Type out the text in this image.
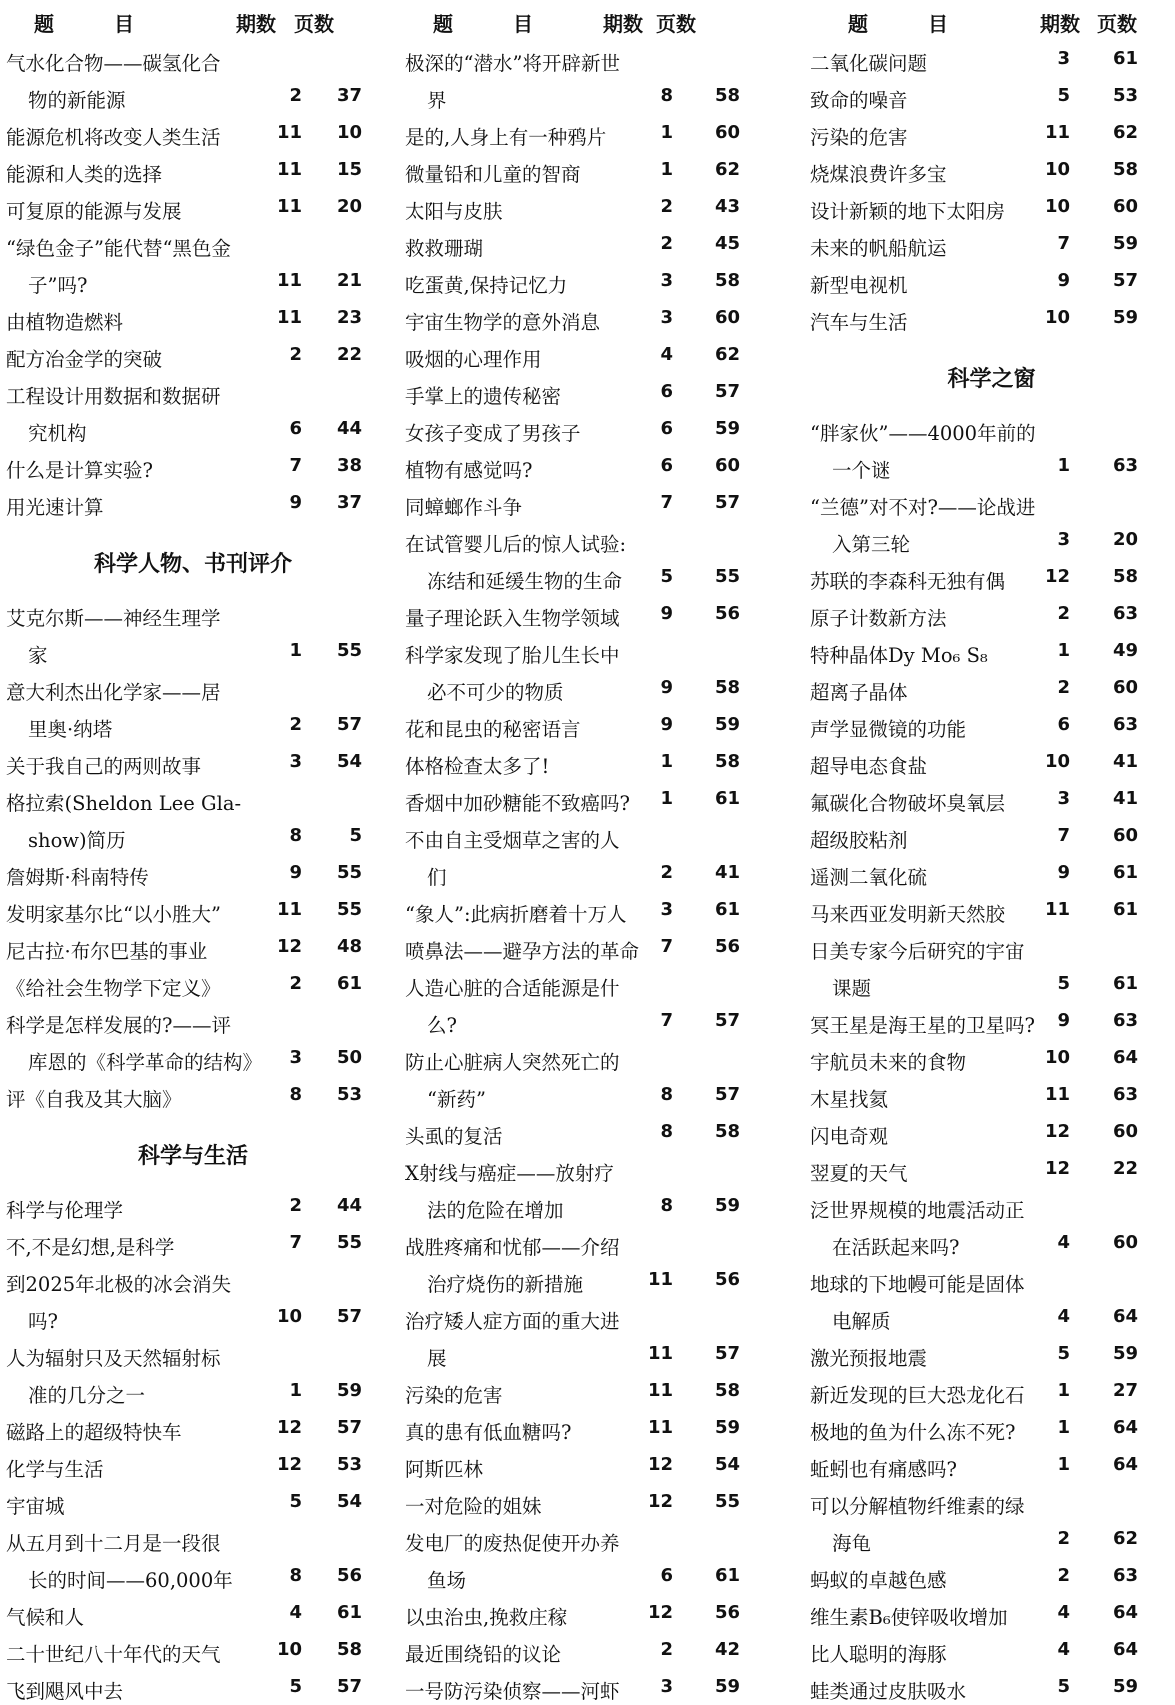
题　　　目	期数 页数
气水化合物——碳氢化合
物的新能源	2	37
能源危机将改变人类生活	11	10
能源和人类的选择	11	15
可复原的能源与发展	11	20
“绿色金子”能代替“黑色金
子”吗?	11	21
由植物造燃料	11	23
配方冶金学的突破	2	22
工程设计用数据和数据研
究机构	6	44
什么是计算实验?	7	38
用光速计算	9	37
科学人物、书刊评介
艾克尔斯——神经生理学
家	1	55
意大利杰出化学家——居
里奥·纳塔	2	57
关于我自己的两则故事	3	54
格拉索(Sheldon Lee Gla-
show)简历	8	5
詹姆斯·科南特传	9	55
发明家基尔比“以小胜大”	11	55
尼古拉·布尔巴基的事业	12	48
《给社会生物学下定义》	2	61
科学是怎样发展的?——评
库恩的《科学革命的结构》	3	50
评《自我及其大脑》	8	53
科学与生活
科学与伦理学	2	44
不,不是幻想,是科学	7	55
到2025年北极的冰会消失
吗?	10	57
人为辐射只及天然辐射标
准的几分之一	1	59
磁路上的超级特快车	12	57
化学与生活	12	53
宇宙城	5	54
从五月到十二月是一段很
长的时间——60,000年	8	56
气候和人	4	61
二十世纪八十年代的天气	10	58
飞到飓风中去	5	57
题　　　目	期数 页数
极深的“潜水”将开辟新世
界	8	58
是的,人身上有一种鸦片	1	60
微量铅和儿童的智商	1	62
太阳与皮肤	2	43
救救珊瑚	2	45
吃蛋黄,保持记忆力	3	58
宇宙生物学的意外消息	3	60
吸烟的心理作用	4	62
手掌上的遗传秘密	6	57
女孩子变成了男孩子	6	59
植物有感觉吗?	6	60
同蟑螂作斗争	7	57
在试管婴儿后的惊人试验:
冻结和延缓生物的生命	5	55
量子理论跃入生物学领域	9	56
科学家发现了胎儿生长中
必不可少的物质	9	58
花和昆虫的秘密语言	9	59
体格检查太多了!	1	58
香烟中加砂糖能不致癌吗?	1	61
不由自主受烟草之害的人
们	2	41
“象人”:此病折磨着十万人	3	61
喷鼻法——避孕方法的革命	7	56
人造心脏的合适能源是什
么?	7	57
防止心脏病人突然死亡的
“新药”	8	57
头虱的复活	8	58
X射线与癌症——放射疗
法的危险在增加	8	59
战胜疼痛和忧郁——介绍
治疗烧伤的新措施	11	56
治疗矮人症方面的重大进
展	11	57
污染的危害	11	58
真的患有低血糖吗?	11	59
阿斯匹林	12	54
一对危险的姐妹	12	55
发电厂的废热促使开办养
鱼场	6	61
以虫治虫,挽救庄稼	12	56
最近围绕铅的议论	2	42
一号防污染侦察——河虾	3	59
题　　　目	期数 页数
二氧化碳问题	3	61
致命的噪音	5	53
污染的危害	11	62
烧煤浪费许多宝	10	58
设计新颖的地下太阳房	10	60
未来的帆船航运	7	59
新型电视机	9	57
汽车与生活	10	59
科学之窗
“胖家伙”——4000年前的
一个谜	1	63
“兰德”对不对?——论战进
入第三轮	3	20
苏联的李森科无独有偶	12	58
原子计数新方法	2	63
特种晶体Dy Mo₆ S₈	1	49
超离子晶体	2	60
声学显微镜的功能	6	63
超导电态食盐	10	41
氟碳化合物破坏臭氧层	3	41
超级胶粘剂	7	60
遥测二氧化硫	9	61
马来西亚发明新天然胶	11	61
日美专家今后研究的宇宙
课题	5	61
冥王星是海王星的卫星吗?	9	63
宇航员未来的食物	10	64
木星找氦	11	63
闪电奇观	12	60
翌夏的天气	12	22
泛世界规模的地震活动正
在活跃起来吗?	4	60
地球的下地幔可能是固体
电解质	4	64
激光预报地震	5	59
新近发现的巨大恐龙化石	1	27
极地的鱼为什么冻不死?	1	64
蚯蚓也有痛感吗?	1	64
可以分解植物纤维素的绿
海龟	2	62
蚂蚁的卓越色感	2	63
维生素B₆使锌吸收增加	4	64
比人聪明的海豚	4	64
蛙类通过皮肤吸水	5	59
